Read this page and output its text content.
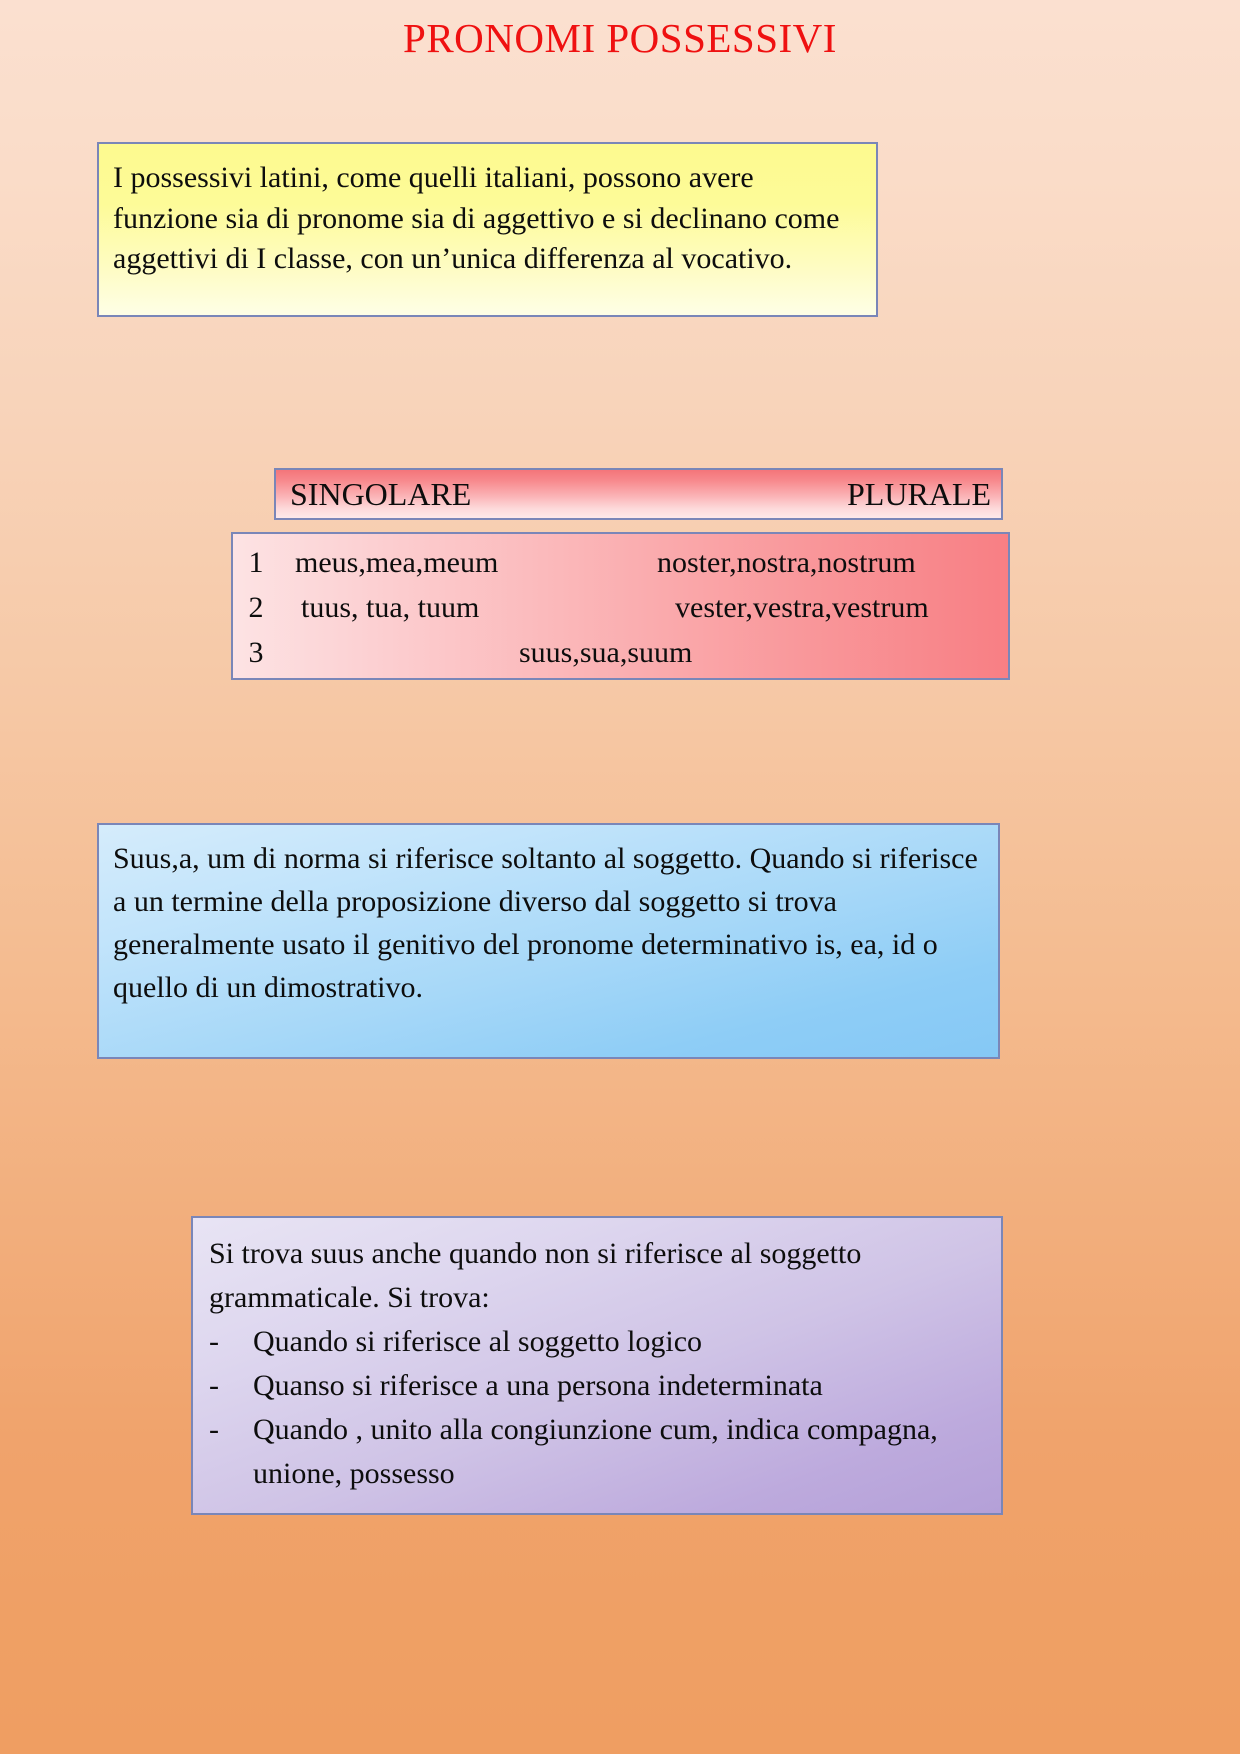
PRONOMI POSSESSIVI

I possessivi latini, come quelli italiani, possono avere funzione sia di pronome sia di aggettivo e si declinano come aggettivi di I classe, con un’unica differenza al vocativo.

SINGOLARE	PLURALE
1	meus,mea,meum	noster,nostra,nostrum
2	tuus, tua, tuum	vester,vestra,vestrum
3	suus,sua,suum

Suus,a, um di norma si riferisce soltanto al soggetto. Quando si riferisce a un termine della proposizione diverso dal soggetto si trova generalmente usato il genitivo del pronome determinativo is, ea, id o quello di un dimostrativo.

Si trova suus anche quando non si riferisce al soggetto grammaticale. Si trova:

-	Quando si riferisce al soggetto logico
-	Quanso si riferisce a una persona indeterminata
-	Quando , unito alla congiunzione cum, indica compagna, unione, possesso
